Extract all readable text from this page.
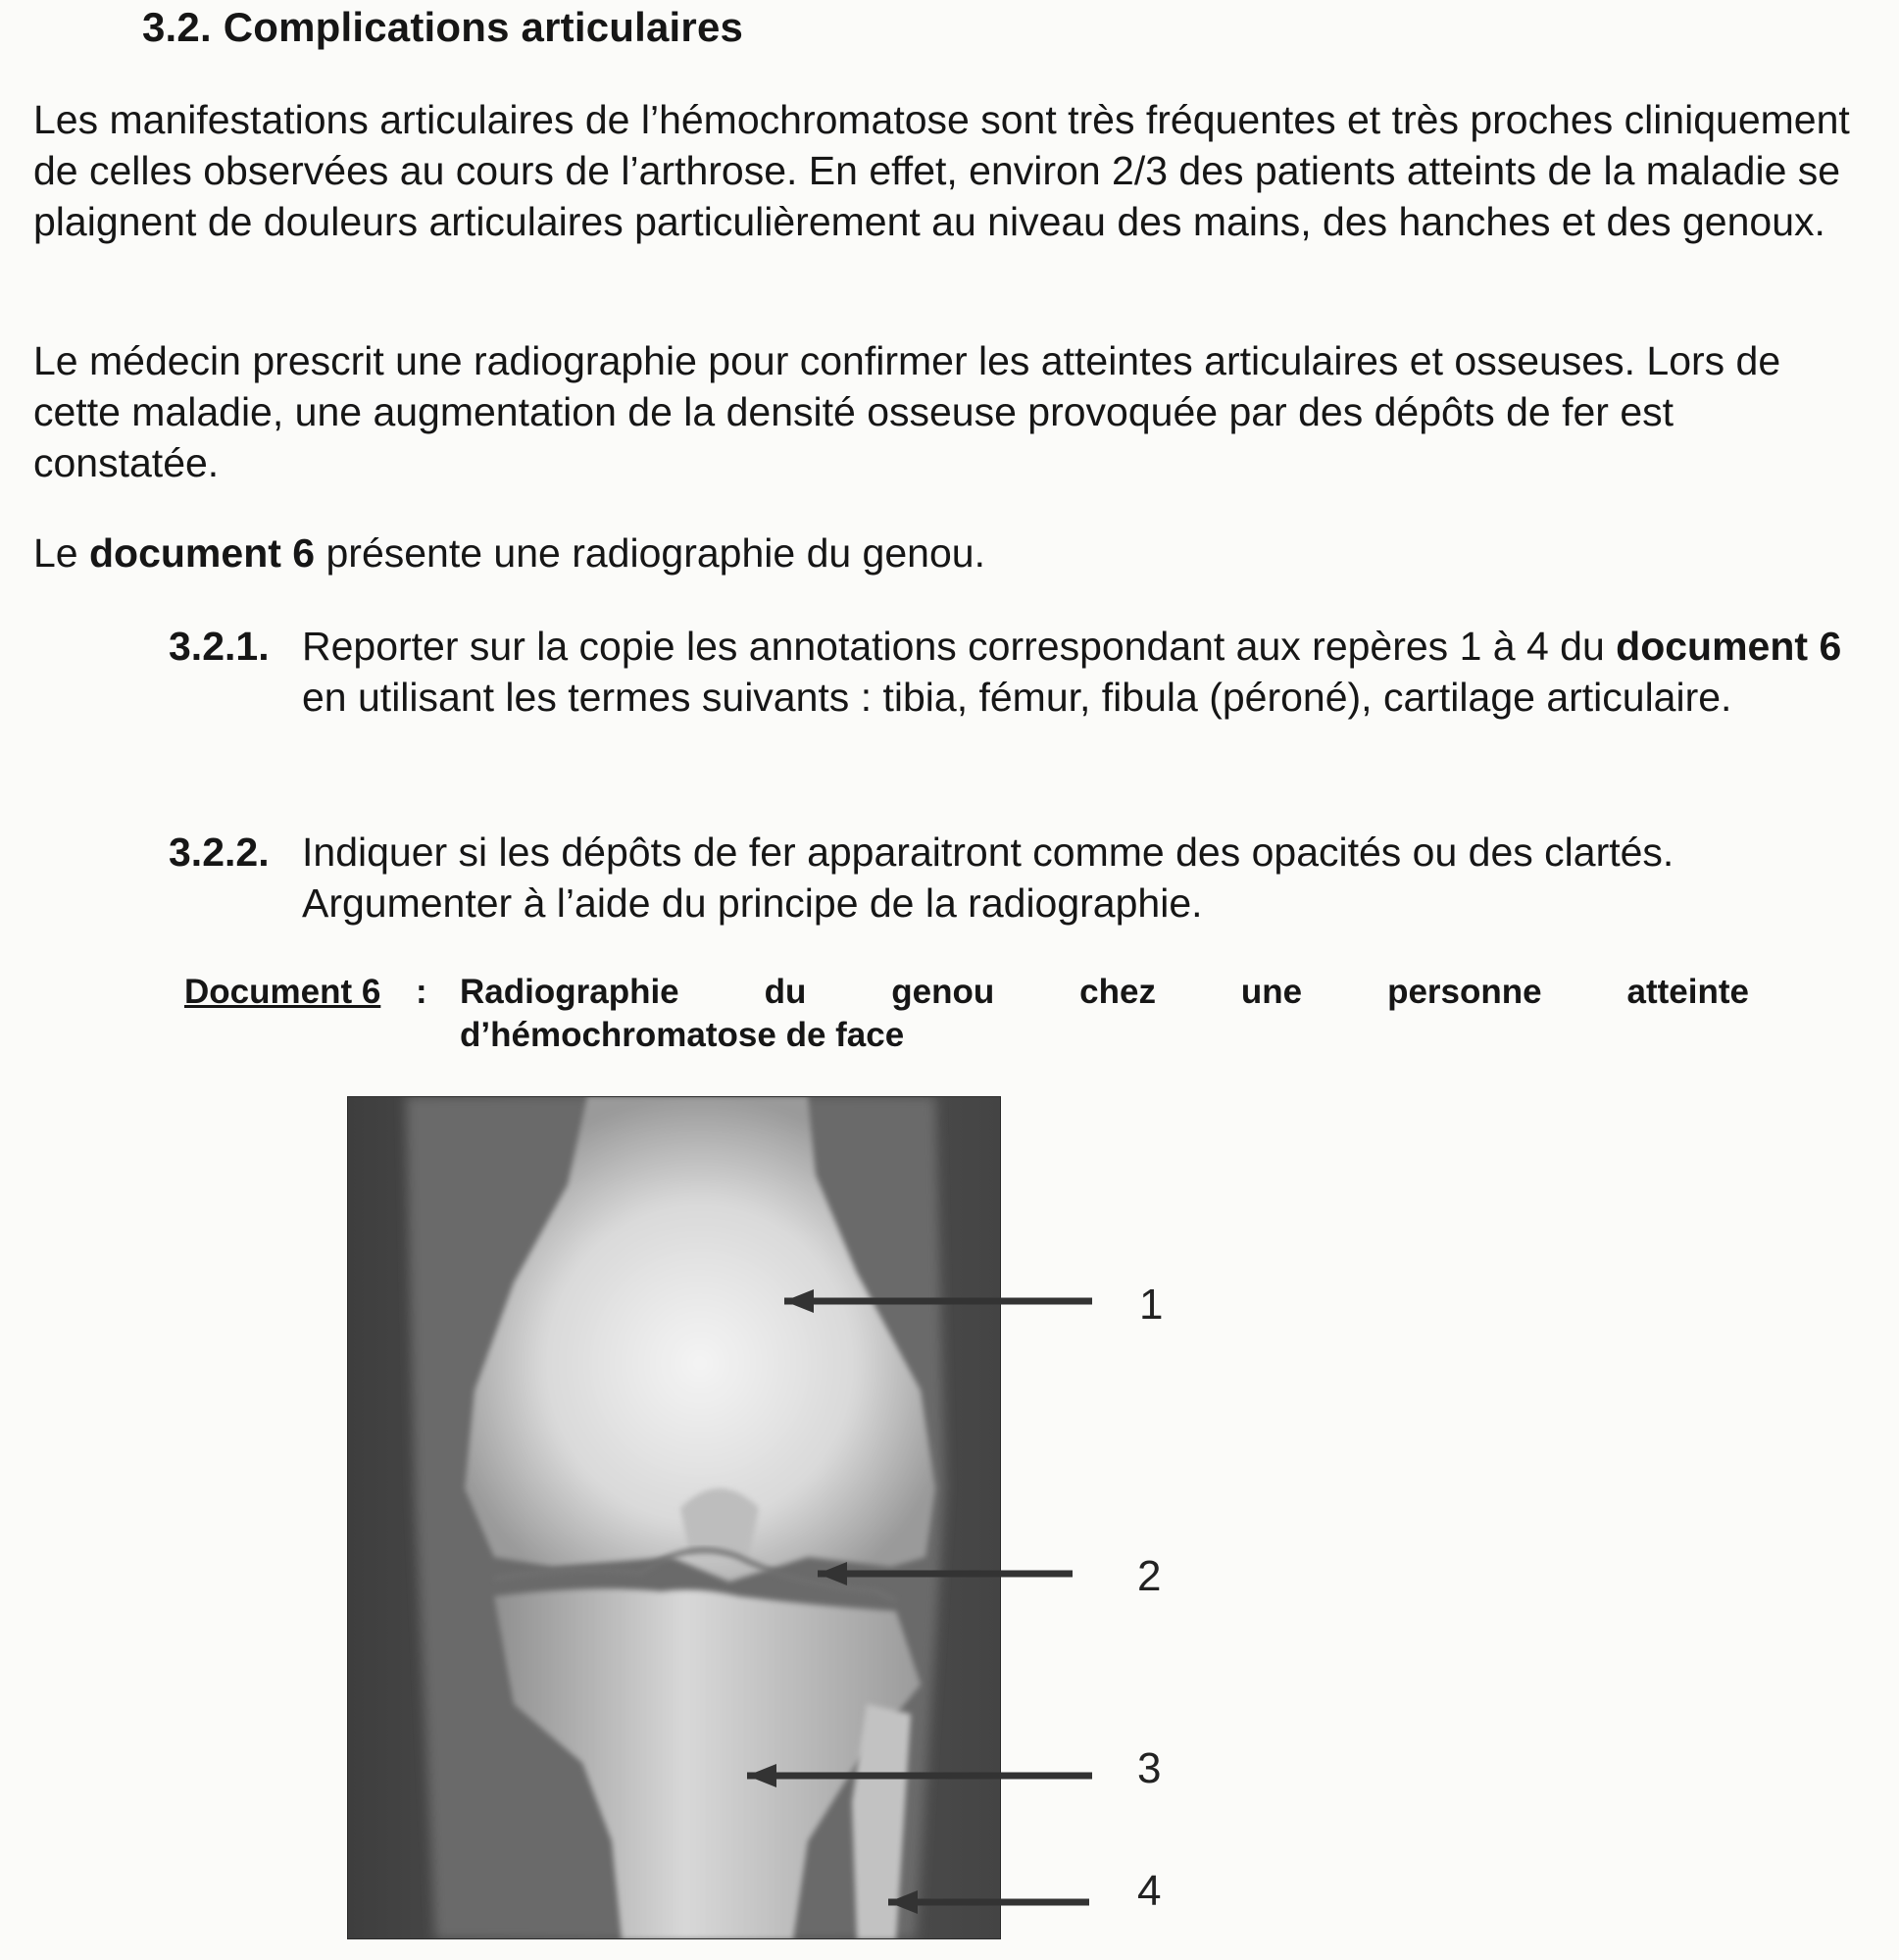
3.2. Complications articulaires

Les manifestations articulaires de l’hémochromatose sont très fréquentes et très proches cliniquement de celles observées au cours de l’arthrose. En effet, environ 2/3 des patients atteints de la maladie se plaignent de douleurs articulaires particulièrement au niveau des mains, des hanches et des genoux.

Le médecin prescrit une radiographie pour confirmer les atteintes articulaires et osseuses. Lors de cette maladie, une augmentation de la densité osseuse provoquée par des dépôts de fer est constatée.

Le document 6 présente une radiographie du genou.

3.2.1. Reporter sur la copie les annotations correspondant aux repères 1 à 4 du document 6 en utilisant les termes suivants : tibia, fémur, fibula (péroné), cartilage articulaire.
3.2.2. Indiquer si les dépôts de fer apparaitront comme des opacités ou des clartés. Argumenter à l’aide du principe de la radiographie.
Document 6 : Radiographie du genou chez une personne atteinte
d’hémochromatose de face
1
2
3
4
